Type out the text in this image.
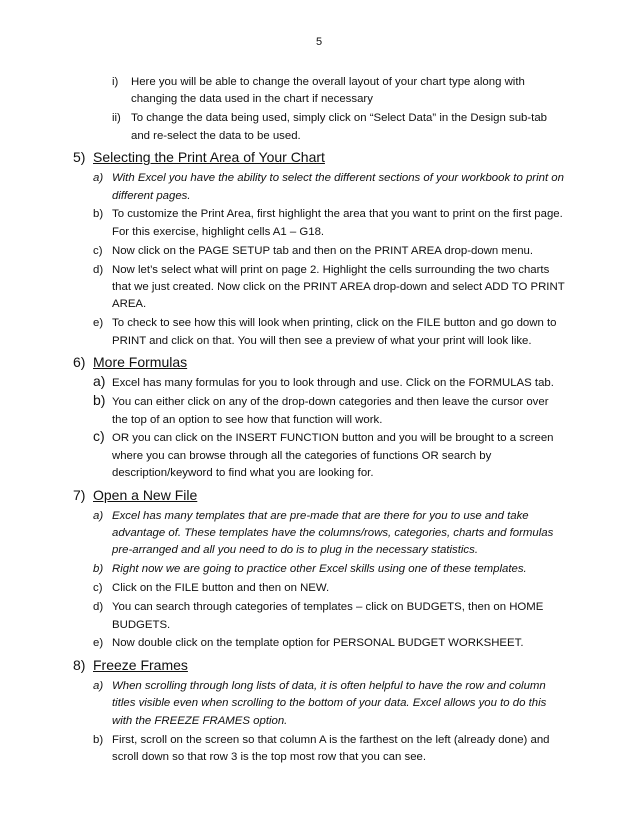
5
i) Here you will be able to change the overall layout of your chart type along with changing the data used in the chart if necessary
ii) To change the data being used, simply click on “Select Data” in the Design sub-tab and re-select the data to be used.
5) Selecting the Print Area of Your Chart
a) With Excel you have the ability to select the different sections of your workbook to print on different pages.
b) To customize the Print Area, first highlight the area that you want to print on the first page. For this exercise, highlight cells A1 – G18.
c) Now click on the PAGE SETUP tab and then on the PRINT AREA drop-down menu.
d) Now let’s select what will print on page 2. Highlight the cells surrounding the two charts that we just created. Now click on the PRINT AREA drop-down and select ADD TO PRINT AREA.
e) To check to see how this will look when printing, click on the FILE button and go down to PRINT and click on that. You will then see a preview of what your print will look like.
6) More Formulas
a) Excel has many formulas for you to look through and use. Click on the FORMULAS tab.
b) You can either click on any of the drop-down categories and then leave the cursor over the top of an option to see how that function will work.
c) OR you can click on the INSERT FUNCTION button and you will be brought to a screen where you can browse through all the categories of functions OR search by description/keyword to find what you are looking for.
7) Open a New File
a) Excel has many templates that are pre-made that are there for you to use and take advantage of. These templates have the columns/rows, categories, charts and formulas pre-arranged and all you need to do is to plug in the necessary statistics.
b) Right now we are going to practice other Excel skills using one of these templates.
c) Click on the FILE button and then on NEW.
d) You can search through categories of templates – click on BUDGETS, then on HOME BUDGETS.
e) Now double click on the template option for PERSONAL BUDGET WORKSHEET.
8) Freeze Frames
a) When scrolling through long lists of data, it is often helpful to have the row and column titles visible even when scrolling to the bottom of your data. Excel allows you to do this with the FREEZE FRAMES option.
b) First, scroll on the screen so that column A is the farthest on the left (already done) and scroll down so that row 3 is the top most row that you can see.
